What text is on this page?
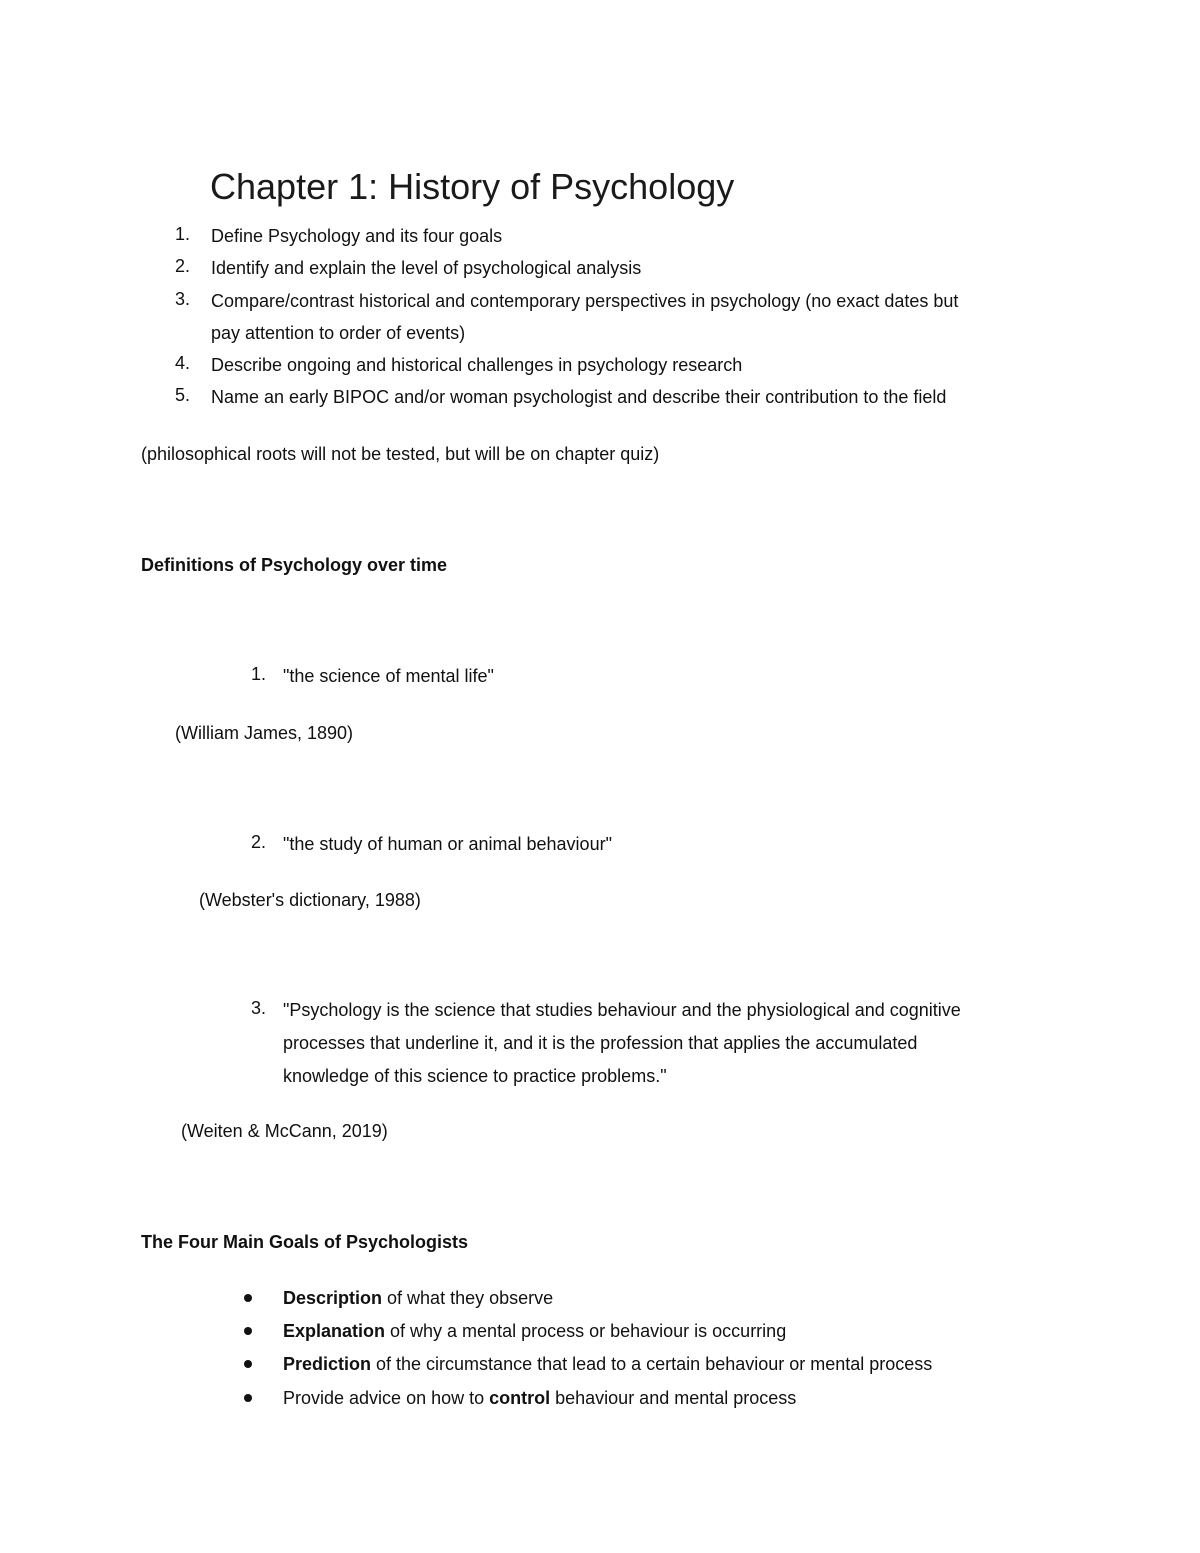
Chapter 1: History of Psychology
1. Define Psychology and its four goals
2. Identify and explain the level of psychological analysis
3. Compare/contrast historical and contemporary perspectives in psychology (no exact dates but
pay attention to order of events)
4. Describe ongoing and historical challenges in psychology research
5. Name an early BIPOC and/or woman psychologist and describe their contribution to the field
(philosophical roots will not be tested, but will be on chapter quiz)
Definitions of Psychology over time
1. "the science of mental life"
(William James, 1890)
2. "the study of human or animal behaviour"
(Webster's dictionary, 1988)
3. "Psychology is the science that studies behaviour and the physiological and cognitive
processes that underline it, and it is the profession that applies the accumulated
knowledge of this science to practice problems."
(Weiten & McCann, 2019)
The Four Main Goals of Psychologists
Description of what they observe
Explanation of why a mental process or behaviour is occurring
Prediction of the circumstance that lead to a certain behaviour or mental process
Provide advice on how to control behaviour and mental process
